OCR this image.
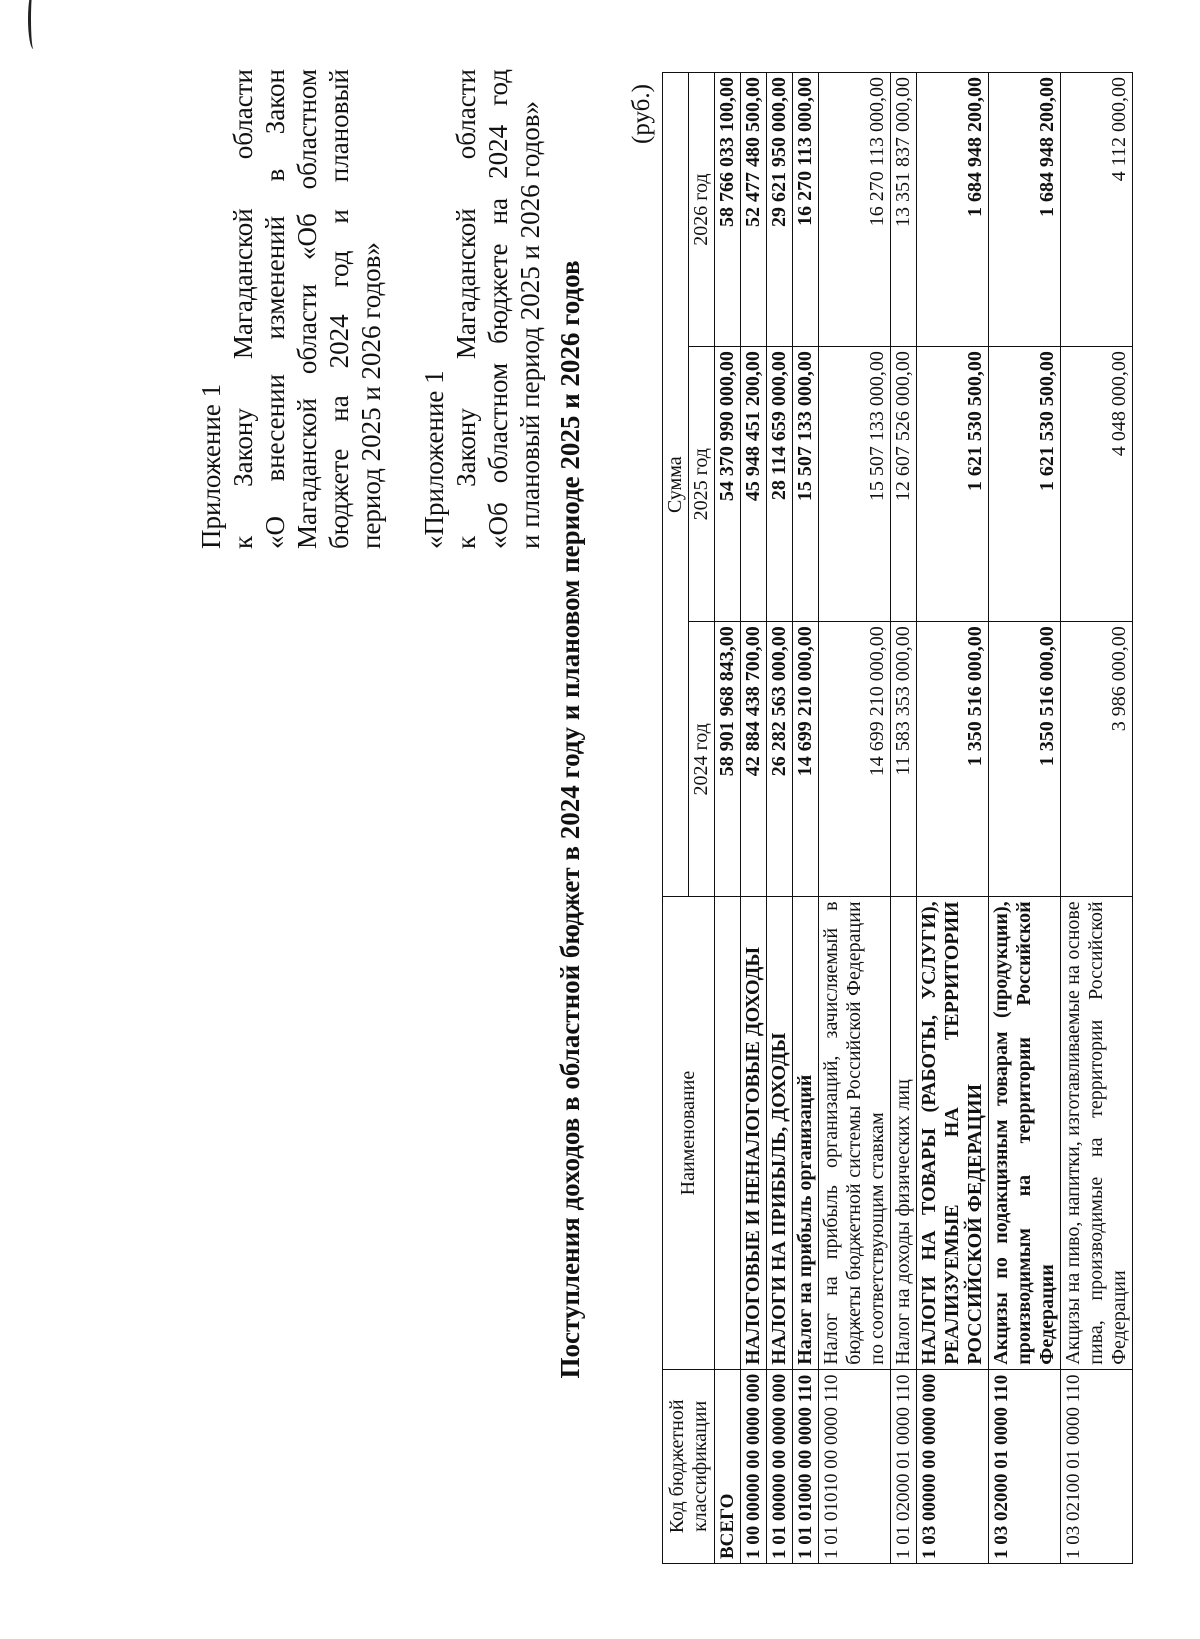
Приложение 1 к Закону Магаданской области «О внесении изменений в Закон Магаданской области «Об областном бюджете на 2024 год и плановый период 2025 и 2026 годов» «Приложение 1 к Закону Магаданской области «Об областном бюджете на 2024 год и плановый период 2025 и 2026 годов» Поступления доходов в областной бюджет в 2024 году и плановом периоде 2025 и 2026 годов
(руб.)
Код бюджетной классификации	Наименование	Сумма		
		2024 год	2025 год	2026 год
ВСЕГО		58 901 968 843,00	54 370 990 000,00	58 766 033 100,00
1 00 00000 00 0000 000	НАЛОГОВЫЕ И НЕНАЛОГОВЫЕ ДОХОДЫ	42 884 438 700,00	45 948 451 200,00	52 477 480 500,00
1 01 00000 00 0000 000	НАЛОГИ НА ПРИБЫЛЬ, ДОХОДЫ	26 282 563 000,00	28 114 659 000,00	29 621 950 000,00
1 01 01000 00 0000 110	Налог на прибыль организаций	14 699 210 000,00	15 507 133 000,00	16 270 113 000,00
1 01 01010 00 0000 110	Налог на прибыль организаций, зачисляемый в бюджеты бюджетной системы Российской Федерации по соответствующим ставкам	14 699 210 000,00	15 507 133 000,00	16 270 113 000,00
1 01 02000 01 0000 110	Налог на доходы физических лиц	11 583 353 000,00	12 607 526 000,00	13 351 837 000,00
1 03 00000 00 0000 000	НАЛОГИ НА ТОВАРЫ (РАБОТЫ, УСЛУГИ), РЕАЛИЗУЕМЫЕ НА ТЕРРИТОРИИ РОССИЙСКОЙ ФЕДЕРАЦИИ	1 350 516 000,00	1 621 530 500,00	1 684 948 200,00
1 03 02000 01 0000 110	Акцизы по подакцизным товарам (продукции), производимым на территории Российской Федерации	1 350 516 000,00	1 621 530 500,00	1 684 948 200,00
1 03 02100 01 0000 110	Акцизы на пиво, напитки, изготавливаемые на основе пива, производимые на территории Российской Федерации	3 986 000,00	4 048 000,00	4 112 000,00
